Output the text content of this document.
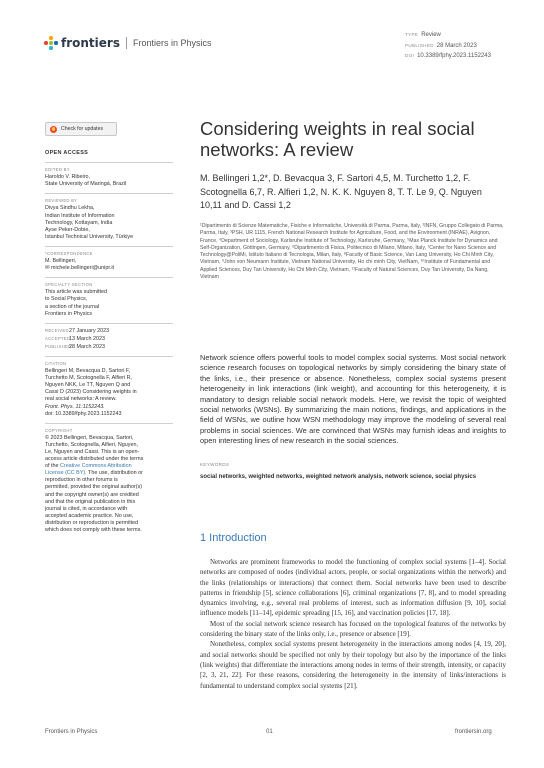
frontiers Frontiers in Physics
TYPE Review
PUBLISHED 28 March 2023
DOI 10.3389/fphy.2023.1152243
Check for updates
OPEN ACCESS
EDITED BY
Haroldo V. Ribeiro,
State University of Maringá, Brazil
REVIEWED BY
Divya Sindhu Lekha,
Indian Institute of Information
Technology, Kottayam, India
Ayse Peker-Dobie,
Istanbul Technical University, Türkiye
*CORRESPONDENCE
M. Bellingeri,
✉ michele.bellingeri@unipr.it
SPECIALTY SECTION
This article was submitted
to Social Physics,
a section of the journal
Frontiers in Physics
RECEIVED27 January 2023
ACCEPTED13 March 2023
PUBLISHED28 March 2023
CITATION
Bellingeri M, Bevacqua D, Sartori F,
Turchetto M, Scotognella F, Alfieri R,
Nguyen NKK, Le TT, Nguyen Q and
Cassi D (2023) Considering weights in
real social networks: A review.
Front. Phys. 11:1152243.
doi: 10.3389/fphy.2023.1152243
COPYRIGHT
© 2023 Bellingeri, Bevacqua, Sartori,
Turchetto, Scotognella, Alfieri, Nguyen,
Le, Nguyen and Cassi. This is an open-
access article distributed under the terms
of the Creative Commons Attribution
License (CC BY). The use, distribution or
reproduction in other forums is
permitted, provided the original author(s)
and the copyright owner(s) are credited
and that the original publication in this
journal is cited, in accordance with
accepted academic practice. No use,
distribution or reproduction is permitted
which does not comply with these terms.
Considering weights in real social networks: A review
M. Bellingeri 1,2*, D. Bevacqua 3, F. Sartori 4,5, M. Turchetto 1,2, F. Scotognella 6,7, R. Alfieri 1,2, N. K. K. Nguyen 8, T. T. Le 9, Q. Nguyen 10,11 and D. Cassi 1,2
¹Dipartimento di Scienze Matematiche, Fisiche e Informatiche, Università di Parma, Parma, Italy, ²INFN, Gruppo Collegato di Parma, Parma, Italy, ³PSH, UR 1115, French National Research Institute for Agriculture, Food, and the Environment (INRAE), Avignon, France, ⁴Department of Sociology, Karlsruhe Institute of Technology, Karlsruhe, Germany, ⁵Max Planck Institute for Dynamics and Self-Organization, Göttingen, Germany, ⁶Dipartimento di Fisica, Politecnico di Milano, Milano, Italy, ⁷Center for Nano Science and Technology@PoliMi, Istituto Italiano di Tecnologia, Milan, Italy, ⁸Faculty of Basic Science, Van Lang University, Ho Chi Minh City, Vietnam, ⁹John von Neumann Institute, Vietnam National University, Ho chi minh City, VietNam, ¹⁰Institute of Fundamental and Applied Sciences, Duy Tan University, Ho Chi Minh City, Vietnam, ¹¹Faculty of Natural Sciences, Duy Tan University, Da Nang, Vietnam

Network science offers powerful tools to model complex social systems. Most social network science research focuses on topological networks by simply considering the binary state of the links, i.e., their presence or absence. Nonetheless, complex social systems present heterogeneity in link interactions (link weight), and accounting for this heterogeneity, it is mandatory to design reliable social network models. Here, we revisit the topic of weighted social networks (WSNs). By summarizing the main notions, findings, and applications in the field of WSNs, we outline how WSN methodology may improve the modeling of several real problems in social sciences. We are convinced that WSNs may furnish ideas and insights to open interesting lines of new research in the social sciences.

KEYWORDS
social networks, weighted networks, weighted network analysis, network science, social physics
1 Introduction

Networks are prominent frameworks to model the functioning of complex social systems [1–4]. Social networks are composed of nodes (individual actors, people, or social organizations within the network) and the links (relationships or interactions) that connect them. Social networks have been used to describe patterns in friendship [5], science collaborations [6], criminal organizations [7, 8], and to model spreading dynamics involving, e.g., several real problems of interest, such as information diffusion [9, 10], social influence models [11–14], epidemic spreading [15, 16], and vaccination policies [17, 18].

Most of the social network science research has focused on the topological features of the networks by considering the binary state of the links only, i.e., presence or absence [19].

Nonetheless, complex social systems present heterogeneity in the interactions among nodes [4, 19, 20], and social networks should be specified not only by their topology but also by the importance of the links (link weights) that differentiate the interactions among nodes in terms of their strength, intensity, or capacity [2, 3, 21, 22]. For these reasons, considering the heterogeneity in the intensity of links/interactions is fundamental to understand complex social systems [21].

Frontiers in Physics	01	frontiersin.org
